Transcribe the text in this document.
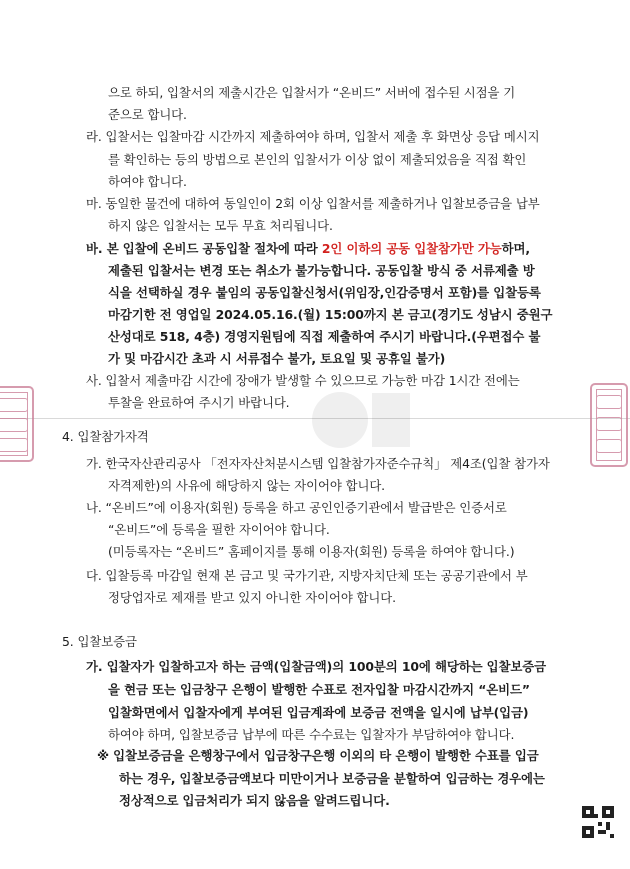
으로 하되, 입찰서의 제출시간은 입찰서가 “온비드” 서버에 접수된 시점을 기
준으로 합니다.
라. 입찰서는 입찰마감 시간까지 제출하여야 하며, 입찰서 제출 후 화면상 응답 메시지
를 확인하는 등의 방법으로 본인의 입찰서가 이상 없이 제출되었음을 직접 확인
하여야 합니다.
마. 동일한 물건에 대하여 동일인이 2회 이상 입찰서를 제출하거나 입찰보증금을 납부
하지 않은 입찰서는 모두 무효 처리됩니다.
바. 본 입찰에 온비드 공동입찰 절차에 따라 2인 이하의 공동 입찰참가만 가능하며,
제출된 입찰서는 변경 또는 취소가 불가능합니다. 공동입찰 방식 중 서류제출 방
식을 선택하실 경우 붙임의 공동입찰신청서(위임장,인감증명서 포함)를 입찰등록
마감기한 전 영업일 2024.05.16.(월) 15:00까지 본 금고(경기도 성남시 중원구
산성대로 518, 4층) 경영지원팀에 직접 제출하여 주시기 바랍니다.(우편접수 불
가 및 마감시간 초과 시 서류접수 불가, 토요일 및 공휴일 불가)
사. 입찰서 제출마감 시간에 장애가 발생할 수 있으므로 가능한 마감 1시간 전에는
투찰을 완료하여 주시기 바랍니다.
4. 입찰참가자격
가. 한국자산관리공사 「전자자산처분시스템 입찰참가자준수규칙」 제4조(입찰 참가자
자격제한)의 사유에 해당하지 않는 자이어야 합니다.
나. “온비드”에 이용자(회원) 등록을 하고 공인인증기관에서 발급받은 인증서로
“온비드”에 등록을 필한 자이어야 합니다.
(미등록자는 “온비드” 홈페이지를 통해 이용자(회원) 등록을 하여야 합니다.)
다. 입찰등록 마감일 현재 본 금고 및 국가기관, 지방자치단체 또는 공공기관에서 부
정당업자로 제재를 받고 있지 아니한 자이어야 합니다.
5. 입찰보증금
가. 입찰자가 입찰하고자 하는 금액(입찰금액)의 100분의 10에 해당하는 입찰보증금
을 현금 또는 입금창구 은행이 발행한 수표로 전자입찰 마감시간까지 “온비드”
입찰화면에서 입찰자에게 부여된 입금계좌에 보증금 전액을 일시에 납부(입금)
하여야 하며, 입찰보증금 납부에 따른 수수료는 입찰자가 부담하여야 합니다.
※ 입찰보증금을 은행창구에서 입금창구은행 이외의 타 은행이 발행한 수표를 입금
하는 경우, 입찰보증금액보다 미만이거나 보증금을 분할하여 입금하는 경우에는
정상적으로 입금처리가 되지 않음을 알려드립니다.
